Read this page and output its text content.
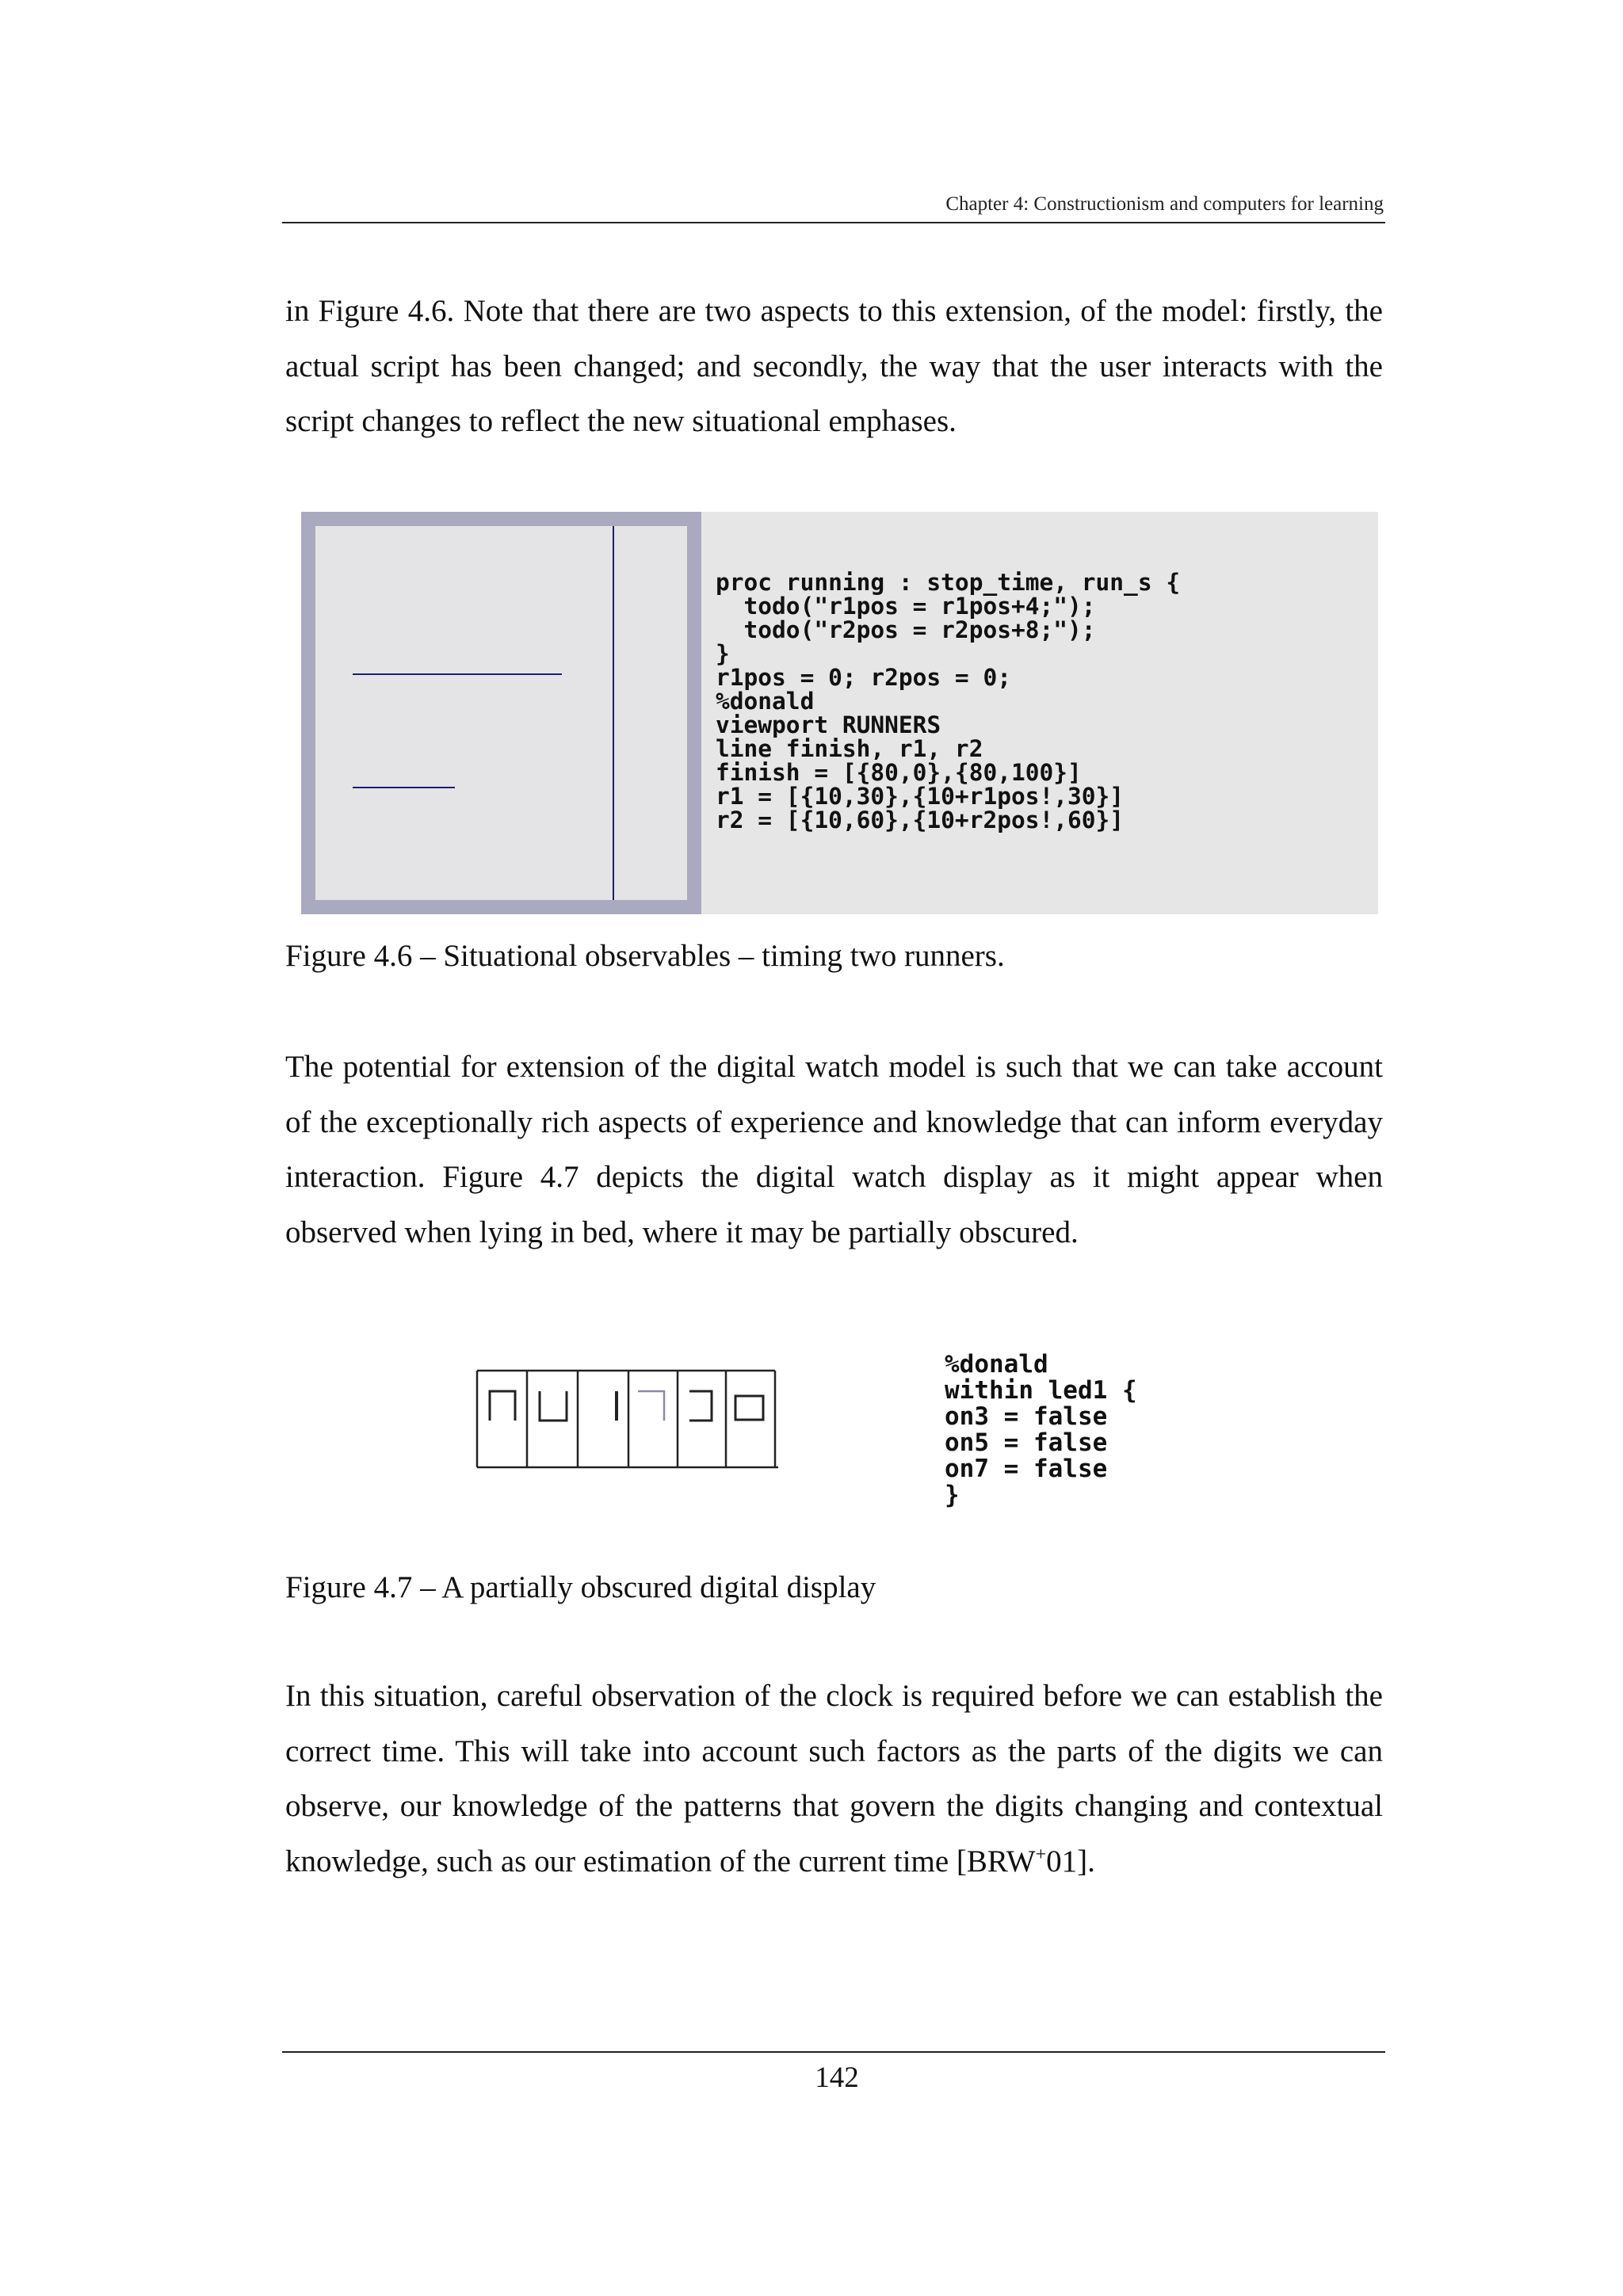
Chapter 4: Constructionism and computers for learning

in Figure 4.6. Note that there are two aspects to this extension, of the model: firstly, the actual script has been changed; and secondly, the way that the user interacts with the script changes to reflect the new situational emphases.

proc running : stop_time, run_s {
todo("r1pos = r1pos+4;");
todo("r2pos = r2pos+8;");
}
r1pos = 0; r2pos = 0;
%donald
viewport RUNNERS
line finish, r1, r2
finish = [{80,0},{80,100}]
r1 = [{10,30},{10+r1pos!,30}]
r2 = [{10,60},{10+r2pos!,60}]
Figure 4.6 – Situational observables – timing two runners.

The potential for extension of the digital watch model is such that we can take account of the exceptionally rich aspects of experience and knowledge that can inform everyday interaction. Figure 4.7 depicts the digital watch display as it might appear when observed when lying in bed, where it may be partially obscured.

%donald
within led1 {
on3 = false
on5 = false
on7 = false
}
Figure 4.7 – A partially obscured digital display

In this situation, careful observation of the clock is required before we can establish the correct time. This will take into account such factors as the parts of the digits we can observe, our knowledge of the patterns that govern the digits changing and contextual knowledge, such as our estimation of the current time [BRW+01].

142
